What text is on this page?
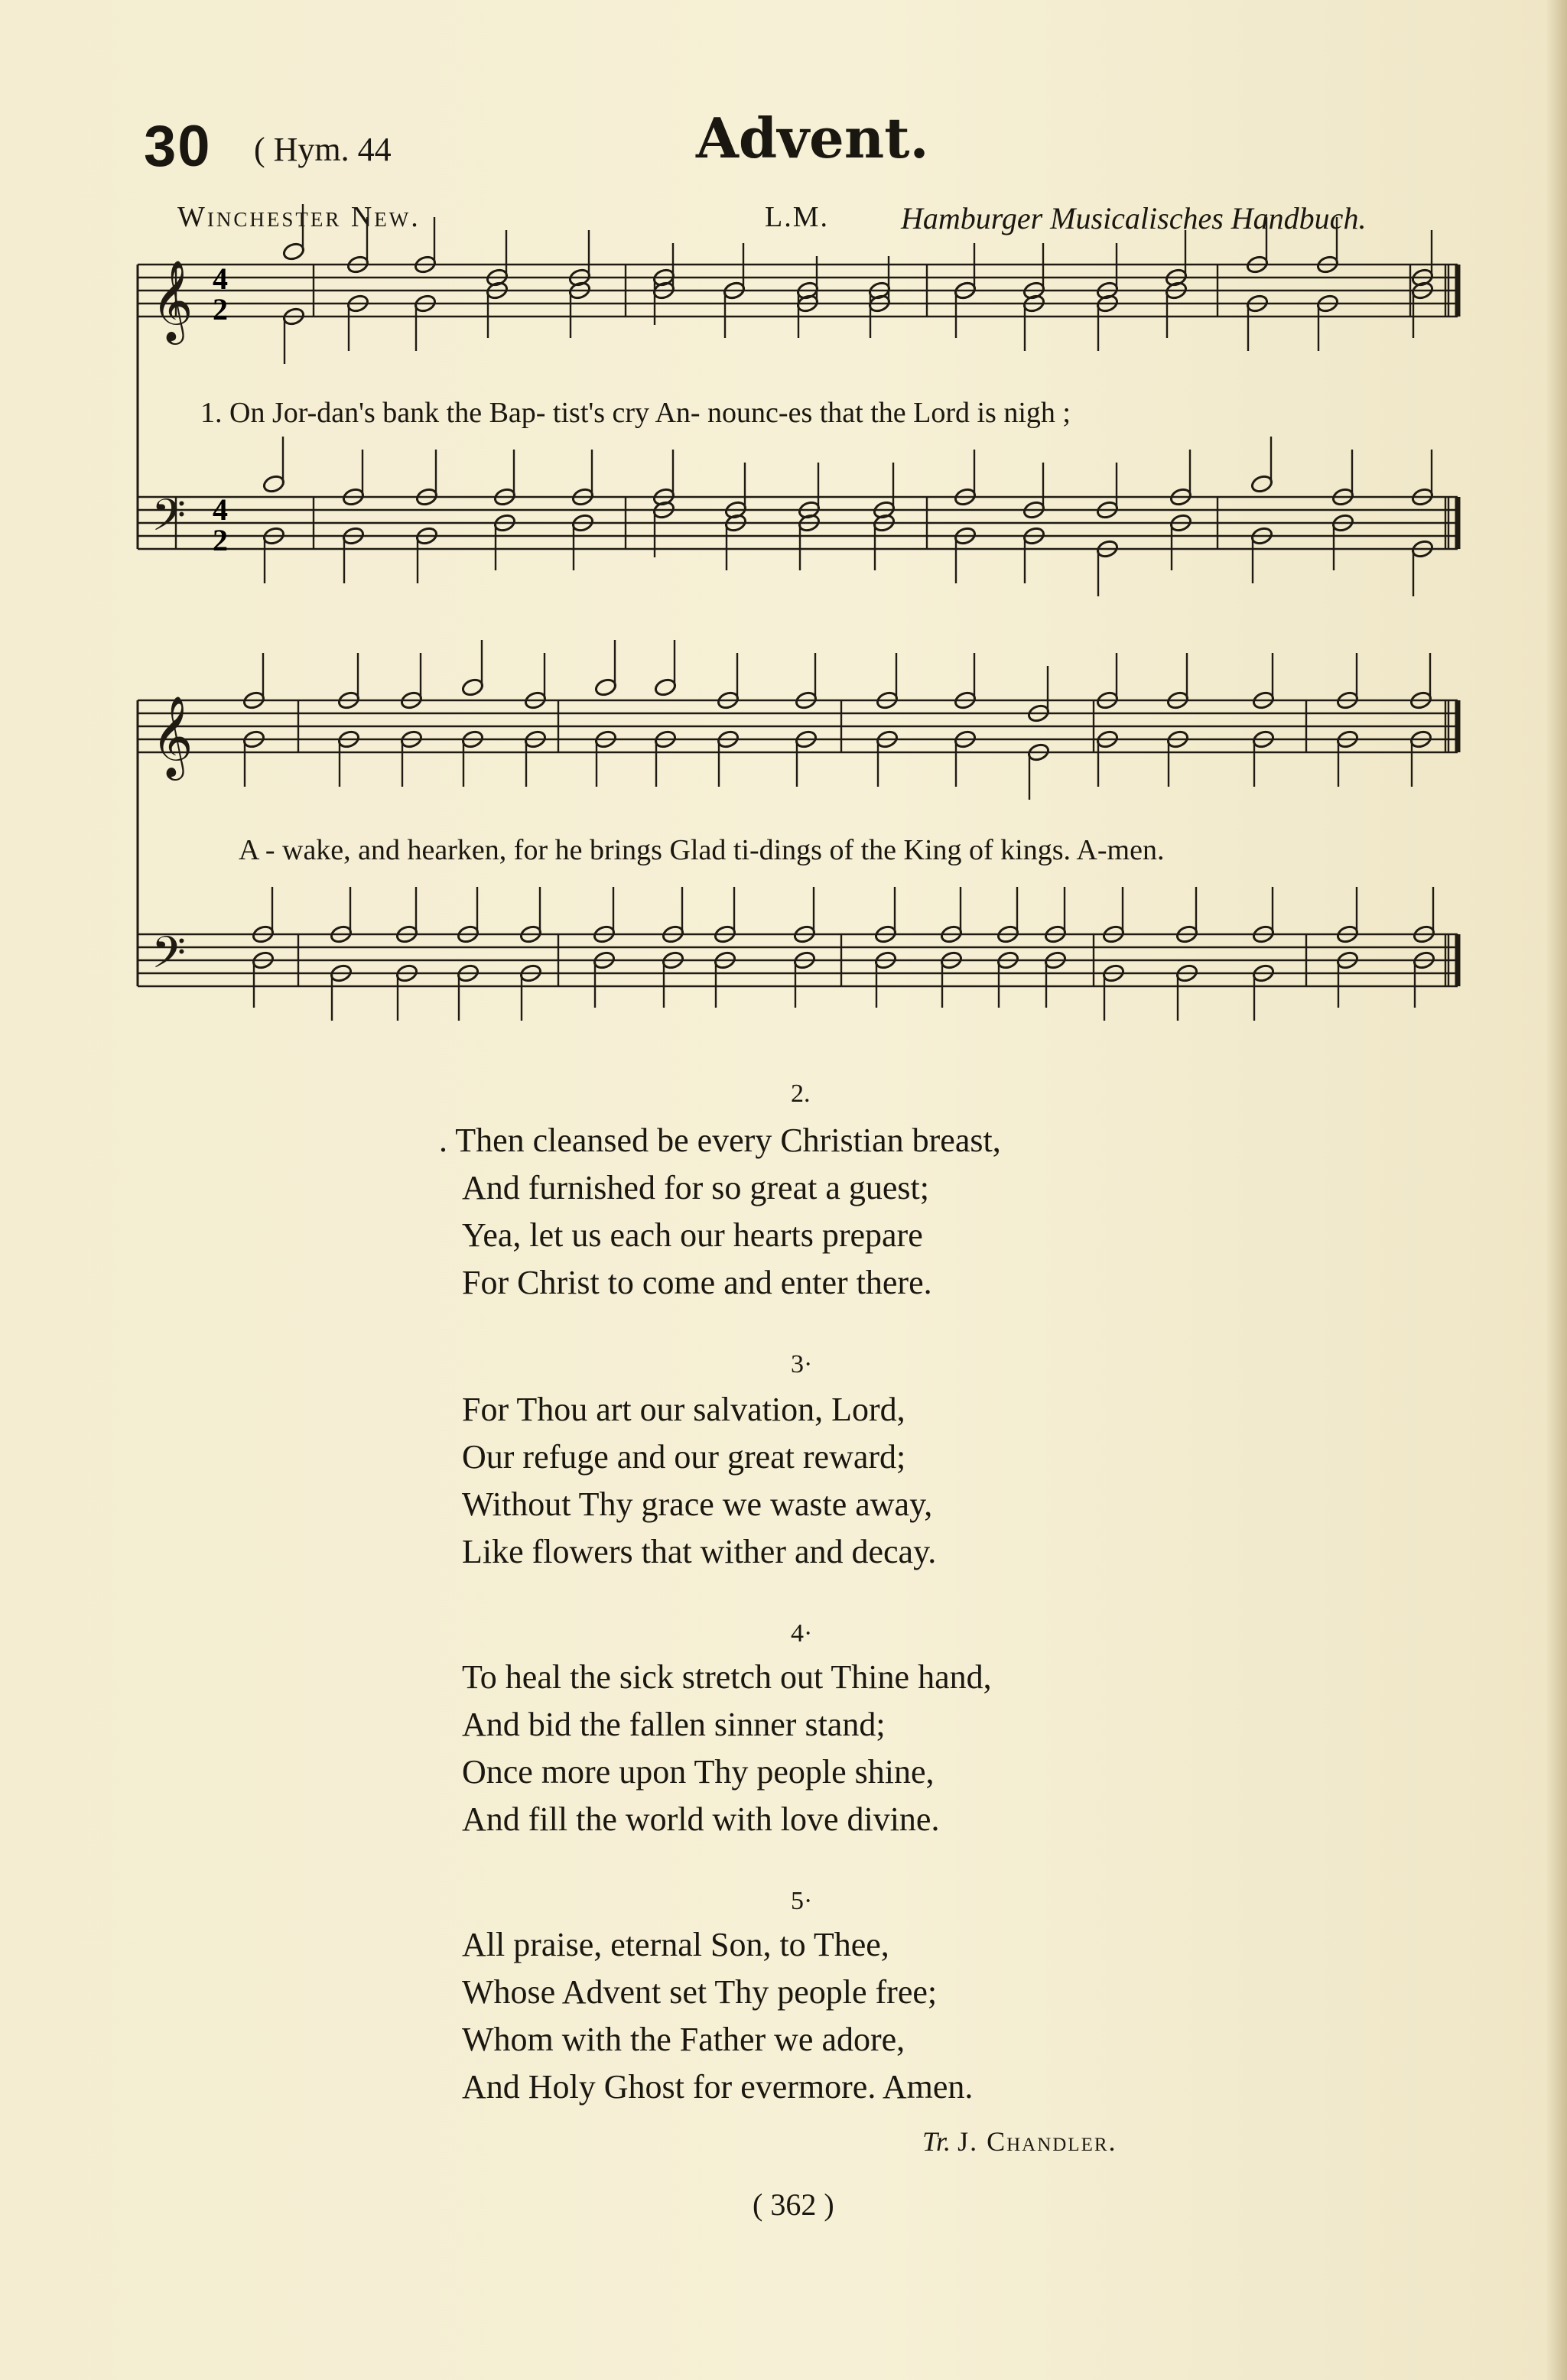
30 ( Hym. 44	Advent.
Winchester New.	L.M. Hamburger Musicalisches Handbuch.
𝄞
𝄢
𝄞
𝄢
4
2
4
2
1. On Jor-dan's bank the Bap- tist's cry An- nounc-es that the Lord is nigh ;
A - wake, and hearken, for he brings Glad ti-dings of the King of kings. A-men.
2.
. Then cleansed be every Christian breast,
And furnished for so great a guest;
Yea, let us each our hearts prepare
For Christ to come and enter there.
3·
For Thou art our salvation, Lord,
Our refuge and our great reward;
Without Thy grace we waste away,
Like flowers that wither and decay.
4·
To heal the sick stretch out Thine hand,
And bid the fallen sinner stand;
Once more upon Thy people shine,
And fill the world with love divine.
5·
All praise, eternal Son, to Thee,
Whose Advent set Thy people free;
Whom with the Father we adore,
And Holy Ghost for evermore. Amen.
Tr. J. Chandler.
( 362 )
